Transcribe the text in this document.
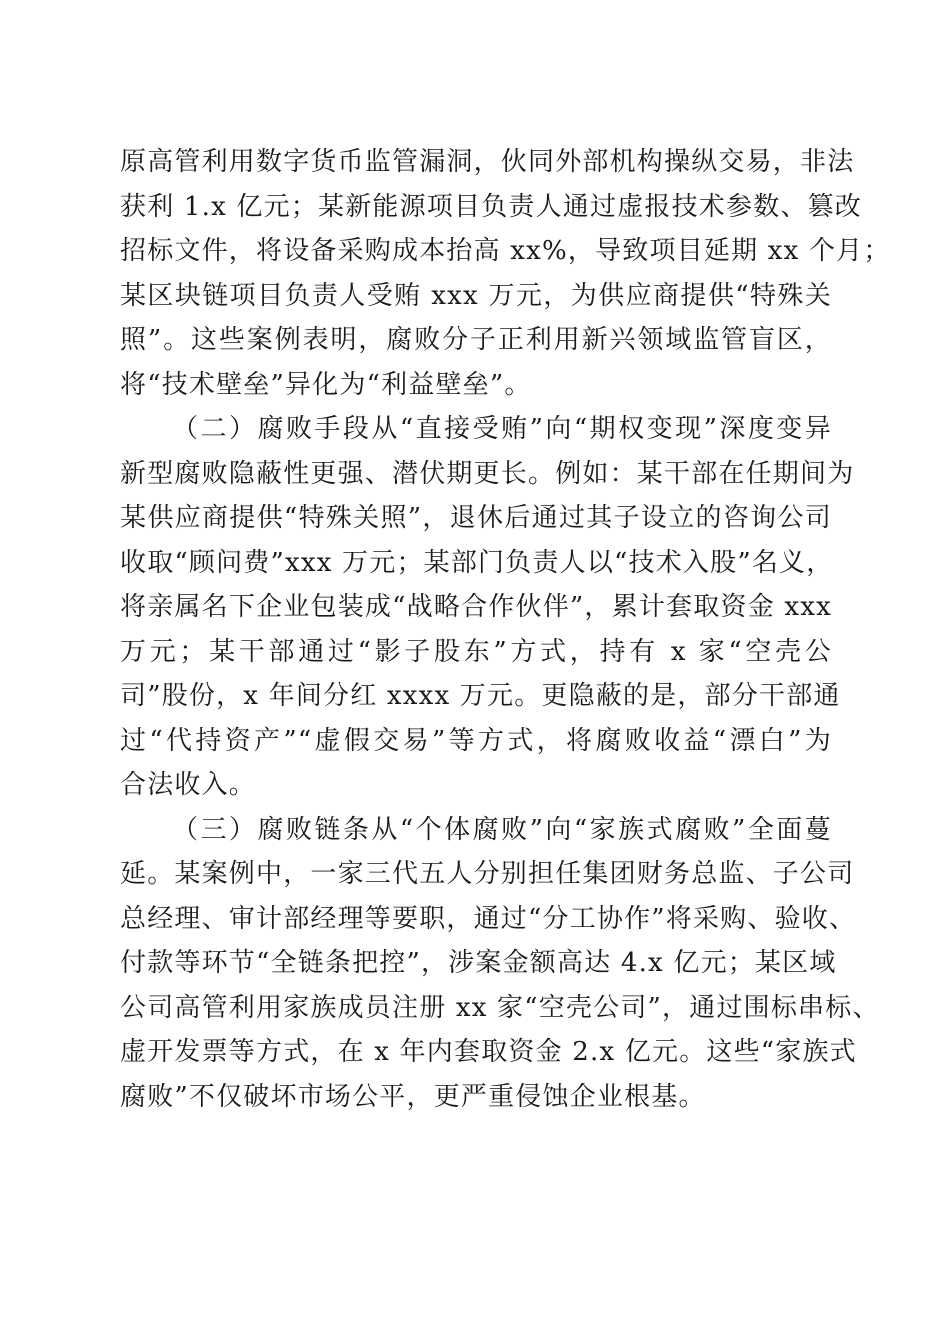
原高管利用数字货币监管漏洞，伙同外部机构操纵交易，非法
获利 1.x 亿元；某新能源项目负责人通过虚报技术参数、篡改
招标文件，将设备采购成本抬高 xx%，导致项目延期 xx 个月；
某区块链项目负责人受贿 xxx 万元，为供应商提供“特殊关
照”。这些案例表明，腐败分子正利用新兴领域监管盲区，
将“技术壁垒”异化为“利益壁垒”。
（二）腐败手段从“直接受贿”向“期权变现”深度变异
新型腐败隐蔽性更强、潜伏期更长。例如：某干部在任期间为
某供应商提供“特殊关照”，退休后通过其子设立的咨询公司
收取“顾问费”xxx 万元；某部门负责人以“技术入股”名义，
将亲属名下企业包装成“战略合作伙伴”，累计套取资金 xxx
万元；某干部通过“影子股东”方式，持有 x 家“空壳公
司”股份，x 年间分红 xxxx 万元。更隐蔽的是，部分干部通
过“代持资产”“虚假交易”等方式，将腐败收益“漂白”为
合法收入。
（三）腐败链条从“个体腐败”向“家族式腐败”全面蔓
延。某案例中，一家三代五人分别担任集团财务总监、子公司
总经理、审计部经理等要职，通过“分工协作”将采购、验收、
付款等环节“全链条把控”，涉案金额高达 4.x 亿元；某区域
公司高管利用家族成员注册 xx 家“空壳公司”，通过围标串标、
虚开发票等方式，在 x 年内套取资金 2.x 亿元。这些“家族式
腐败”不仅破坏市场公平，更严重侵蚀企业根基。
